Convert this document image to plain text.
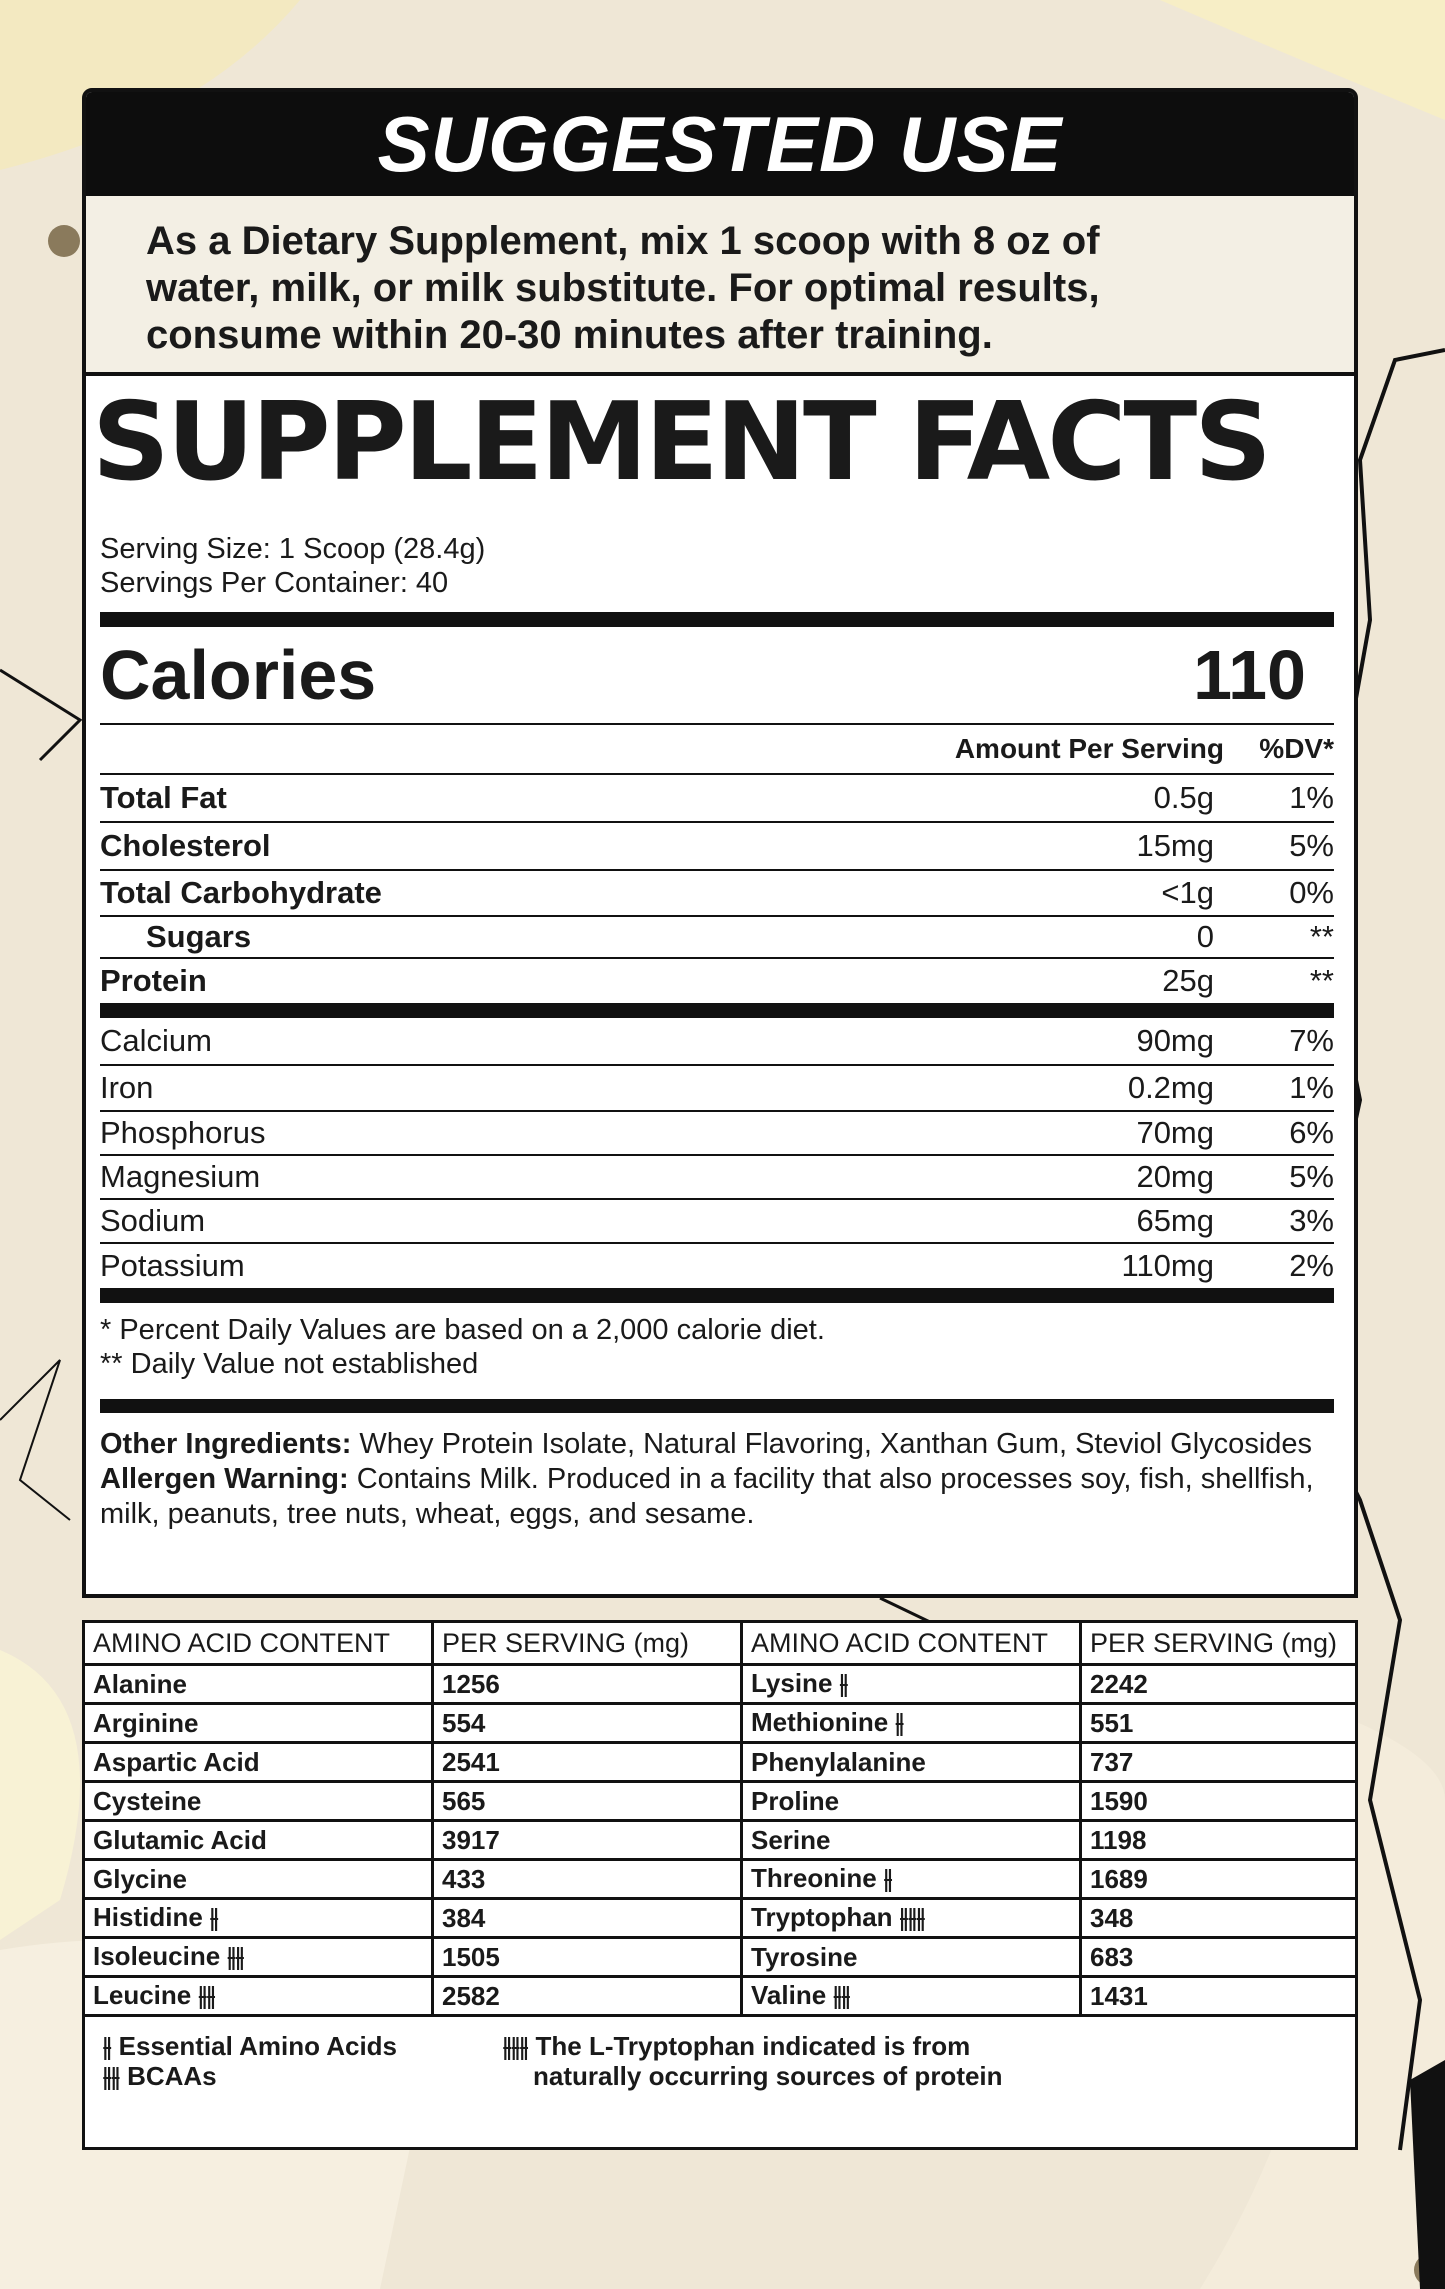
SUGGESTED USE
As a Dietary Supplement, mix 1 scoop with 8 oz of
water, milk, or milk substitute. For optimal results,
consume within 20-30 minutes after training.
SUPPLEMENT FACTS
Serving Size: 1 Scoop (28.4g)
Servings Per Container: 40
Calories	110
Amount Per Serving	%DV*
Total Fat	0.5g	1%
Cholesterol	15mg	5%
Total Carbohydrate	<1g	0%
Sugars	0	**
Protein	25g	**
Calcium	90mg	7%
Iron	0.2mg	1%
Phosphorus	70mg	6%
Magnesium	20mg	5%
Sodium	65mg	3%
Potassium	110mg	2%
* Percent Daily Values are based on a 2,000 calorie diet.
** Daily Value not established
Other Ingredients: Whey Protein Isolate, Natural Flavoring, Xanthan Gum, Steviol Glycosides
Allergen Warning: Contains Milk. Produced in a facility that also processes soy, fish, shellfish, milk, peanuts, tree nuts, wheat, eggs, and sesame.
AMINO ACID CONTENT	PER SERVING (mg)	AMINO ACID CONTENT	PER SERVING (mg)
Alanine	1256	Lysine ⫲	2242
Arginine	554	Methionine ⫲	551
Aspartic Acid	2541	Phenylalanine	737
Cysteine	565	Proline	1590
Glutamic Acid	3917	Serine	1198
Glycine	433	Threonine ⫲	1689
Histidine ⫲	384	Tryptophan ⫲⫲⫲	348
Isoleucine ⫲⫲	1505	Tyrosine	683
Leucine ⫲⫲	2582	Valine ⫲⫲	1431
⫲ Essential Amino Acids
⫲⫲ BCAAs
⫲⫲⫲ The L-Tryptophan indicated is from
naturally occurring sources of protein
